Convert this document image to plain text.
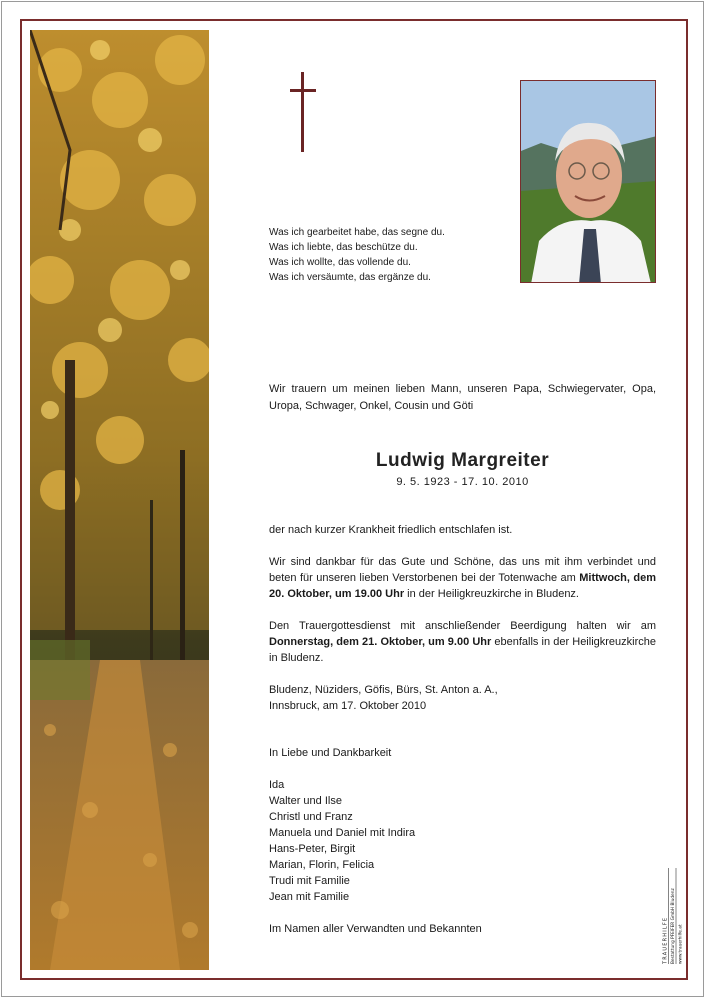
Was ich gearbeitet habe, das segne du.
Was ich liebte, das beschütze du.
Was ich wollte, das vollende du.
Was ich versäumte, das ergänze du.
Wir trauern um meinen lieben Mann, unseren Papa, Schwiegervater, Opa, Uropa, Schwager, Onkel, Cousin und Göti
Ludwig Margreiter
9. 5. 1923 - 17. 10. 2010
der nach kurzer Krankheit friedlich entschlafen ist.
Wir sind dankbar für das Gute und Schöne, das uns mit ihm verbindet und beten für unseren lieben Verstorbenen bei der Totenwache am Mittwoch, dem 20. Oktober, um 19.00 Uhr in der Heiligkreuzkirche in Bludenz.
Den Trauergottesdienst mit anschließender Beerdigung halten wir am Donnerstag, dem 21. Oktober, um 9.00 Uhr ebenfalls in der Heiligkreuzkirche in Bludenz.
Bludenz, Nüziders, Göfis, Bürs, St. Anton a. A.,
Innsbruck, am 17. Oktober 2010
In Liebe und Dankbarkeit
Ida
Walter und Ilse
Christl und Franz
Manuela und Daniel mit Indira
Hans-Peter, Birgit
Marian, Florin, Felicia
Trudi mit Familie
Jean mit Familie
Im Namen aller Verwandten und Bekannten	TRAUERHILFE Bestattung PFEIFER GmbH Bludenz www.trauerhilfe.at
